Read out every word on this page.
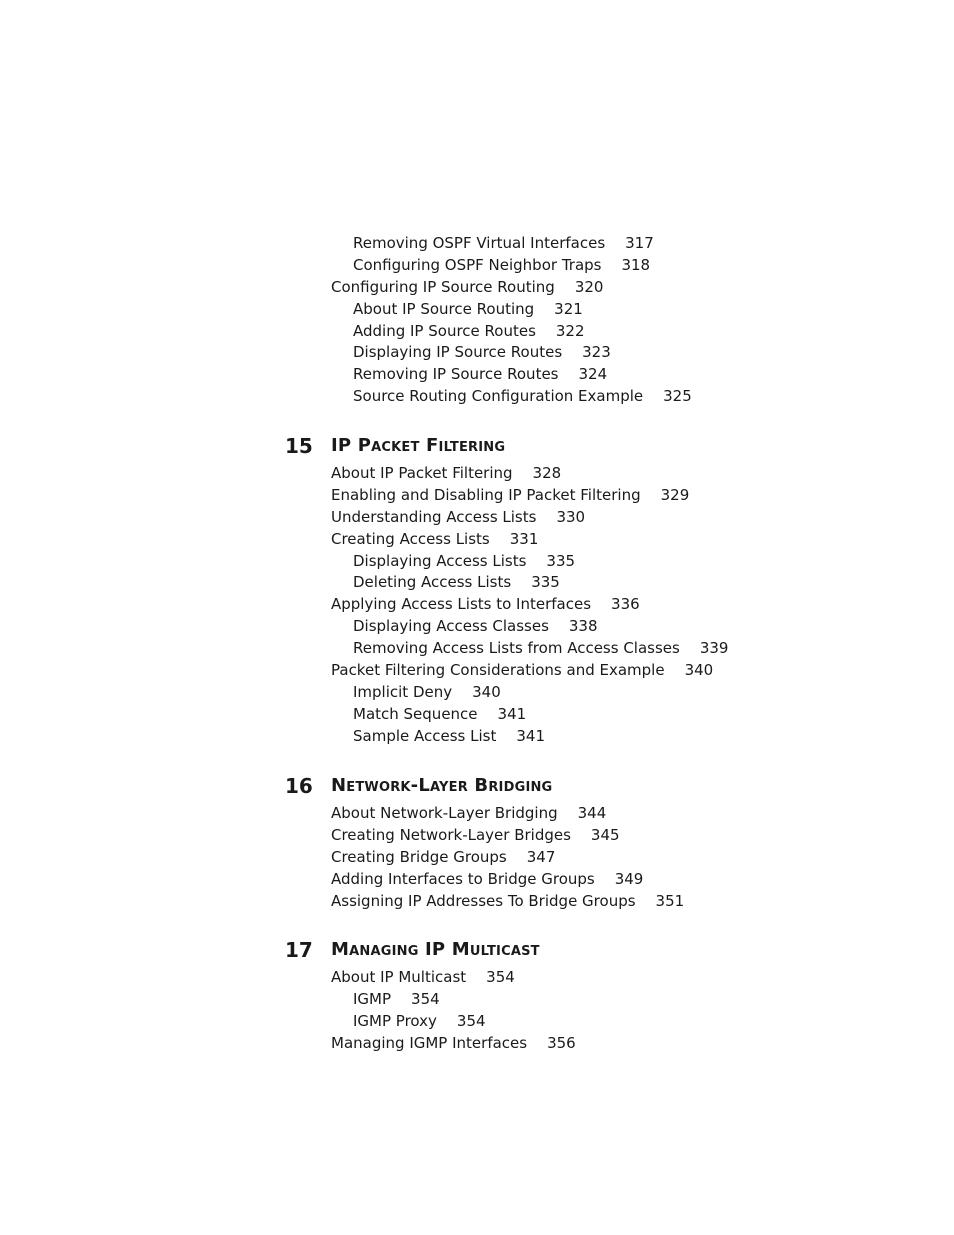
Removing OSPF Virtual Interfaces 317
Configuring OSPF Neighbor Traps 318
Configuring IP Source Routing 320
About IP Source Routing 321
Adding IP Source Routes 322
Displaying IP Source Routes 323
Removing IP Source Routes 324
Source Routing Configuration Example 325
15 IP Packet Filtering
About IP Packet Filtering 328
Enabling and Disabling IP Packet Filtering 329
Understanding Access Lists 330
Creating Access Lists 331
Displaying Access Lists 335
Deleting Access Lists 335
Applying Access Lists to Interfaces 336
Displaying Access Classes 338
Removing Access Lists from Access Classes 339
Packet Filtering Considerations and Example 340
Implicit Deny 340
Match Sequence 341
Sample Access List 341
16 Network-Layer Bridging
About Network-Layer Bridging 344
Creating Network-Layer Bridges 345
Creating Bridge Groups 347
Adding Interfaces to Bridge Groups 349
Assigning IP Addresses To Bridge Groups 351
17 Managing IP Multicast
About IP Multicast 354
IGMP 354
IGMP Proxy 354
Managing IGMP Interfaces 356
